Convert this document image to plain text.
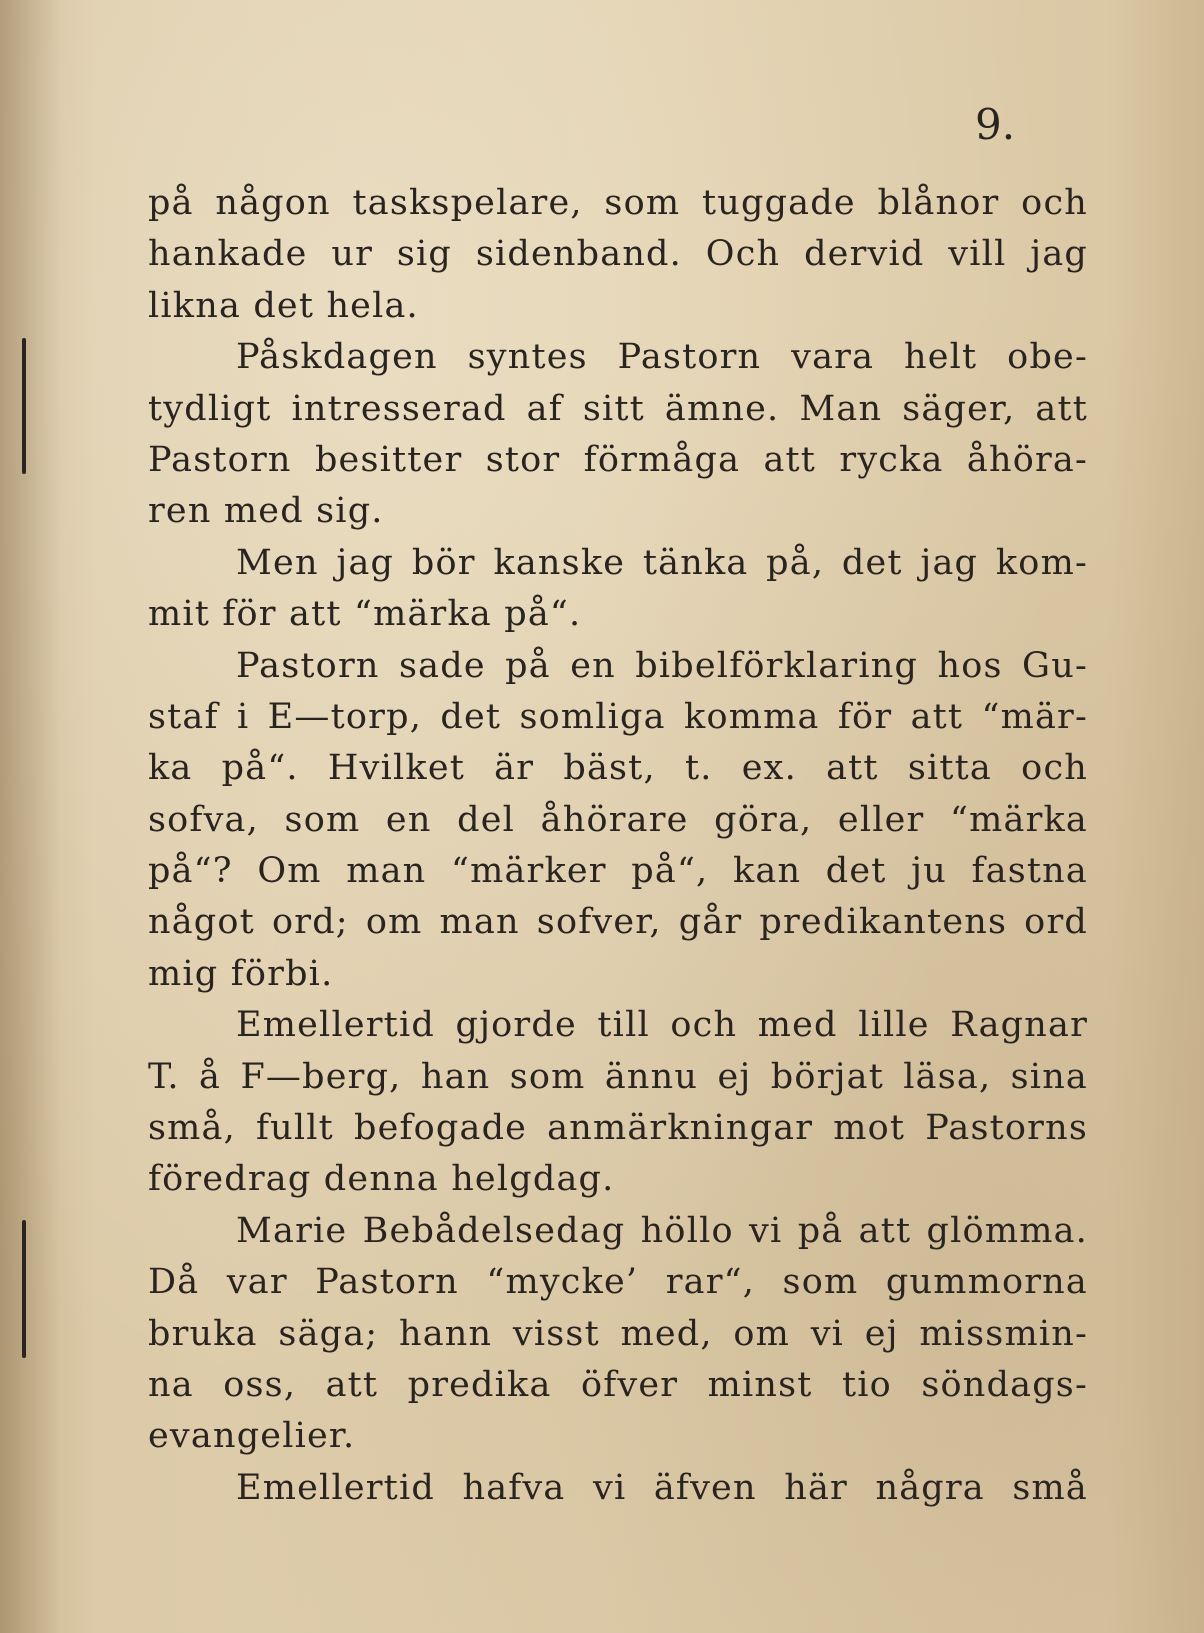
9.
på någon taskspelare, som tuggade blånor och
hankade ur sig sidenband. Och dervid vill jag
likna det hela.
Påskdagen syntes Pastorn vara helt obe-
tydligt intresserad af sitt ämne. Man säger, att
Pastorn besitter stor förmåga att rycka åhöra-
ren med sig.
Men jag bör kanske tänka på, det jag kom-
mit för att “märka på“.
Pastorn sade på en bibelförklaring hos Gu-
staf i E—torp, det somliga komma för att “mär-
ka på“. Hvilket är bäst, t. ex. att sitta och
sofva, som en del åhörare göra, eller “märka
på“? Om man “märker på“, kan det ju fastna
något ord; om man sofver, går predikantens ord
mig förbi.
Emellertid gjorde till och med lille Ragnar
T. å F—berg, han som ännu ej börjat läsa, sina
små, fullt befogade anmärkningar mot Pastorns
föredrag denna helgdag.
Marie Bebådelsedag höllo vi på att glömma.
Då var Pastorn “mycke’ rar“, som gummorna
bruka säga; hann visst med, om vi ej missmin-
na oss, att predika öfver minst tio söndags-
evangelier.
Emellertid hafva vi äfven här några små
